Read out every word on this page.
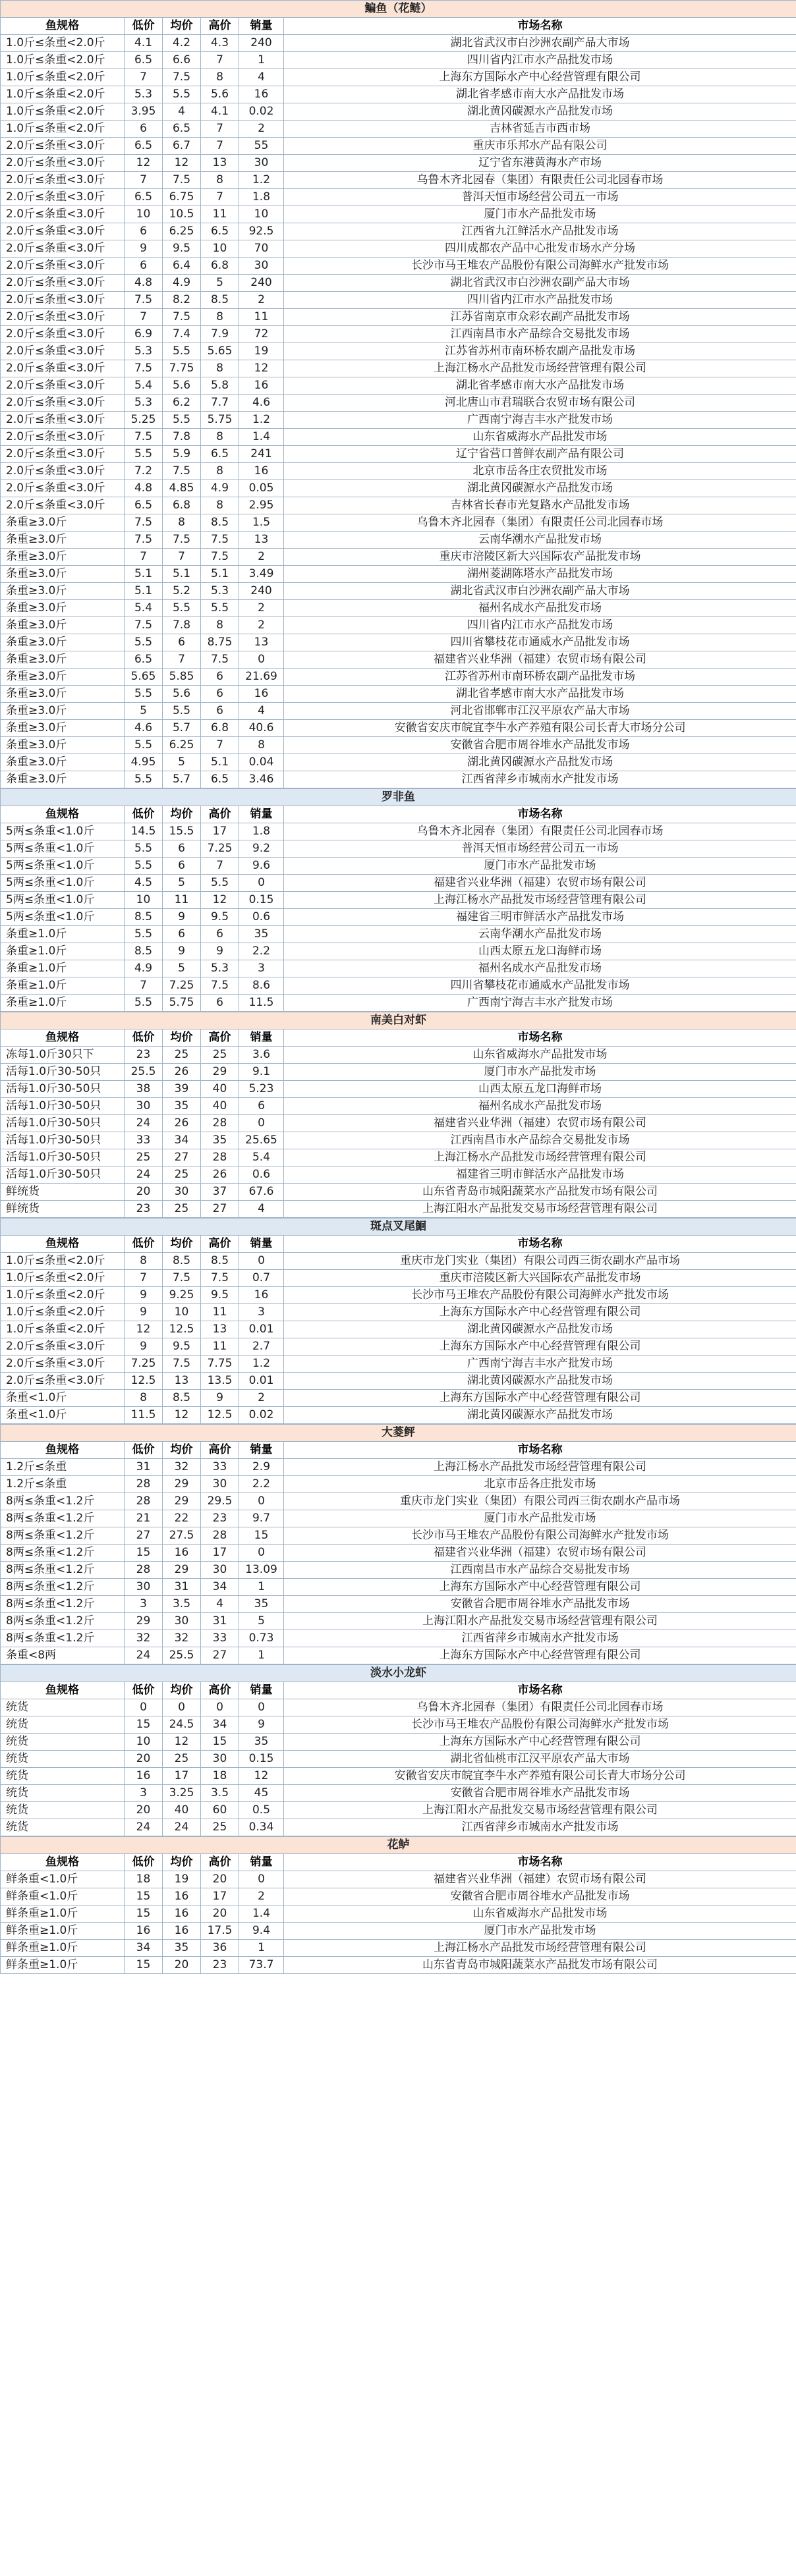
鳊鱼（花鲢）					
鱼规格	低价	均价	高价	销量	市场名称
1.0斤≤条重<2.0斤	4.1	4.2	4.3	240	湖北省武汉市白沙洲农副产品大市场
1.0斤≤条重<2.0斤	6.5	6.6	7	1	四川省内江市水产品批发市场
1.0斤≤条重<2.0斤	7	7.5	8	4	上海东方国际水产中心经营管理有限公司
1.0斤≤条重<2.0斤	5.3	5.5	5.6	16	湖北省孝感市南大水产品批发市场
1.0斤≤条重<2.0斤	3.95	4	4.1	0.02	湖北黄冈碳源水产品批发市场
1.0斤≤条重<2.0斤	6	6.5	7	2	吉林省延吉市西市场
2.0斤≤条重<3.0斤	6.5	6.7	7	55	重庆市乐邦水产品有限公司
2.0斤≤条重<3.0斤	12	12	13	30	辽宁省东港黄海水产市场
2.0斤≤条重<3.0斤	7	7.5	8	1.2	乌鲁木齐北园春（集团）有限责任公司北园春市场
2.0斤≤条重<3.0斤	6.5	6.75	7	1.8	普洱天恒市场经营公司五一市场
2.0斤≤条重<3.0斤	10	10.5	11	10	厦门市水产品批发市场
2.0斤≤条重<3.0斤	6	6.25	6.5	92.5	江西省九江鲜活水产品批发市场
2.0斤≤条重<3.0斤	9	9.5	10	70	四川成都农产品中心批发市场水产分场
2.0斤≤条重<3.0斤	6	6.4	6.8	30	长沙市马王堆农产品股份有限公司海鲜水产批发市场
2.0斤≤条重<3.0斤	4.8	4.9	5	240	湖北省武汉市白沙洲农副产品大市场
2.0斤≤条重<3.0斤	7.5	8.2	8.5	2	四川省内江市水产品批发市场
2.0斤≤条重<3.0斤	7	7.5	8	11	江苏省南京市众彩农副产品批发市场
2.0斤≤条重<3.0斤	6.9	7.4	7.9	72	江西南昌市水产品综合交易批发市场
2.0斤≤条重<3.0斤	5.3	5.5	5.65	19	江苏省苏州市南环桥农副产品批发市场
2.0斤≤条重<3.0斤	7.5	7.75	8	12	上海江杨水产品批发市场经营管理有限公司
2.0斤≤条重<3.0斤	5.4	5.6	5.8	16	湖北省孝感市南大水产品批发市场
2.0斤≤条重<3.0斤	5.3	6.2	7.7	4.6	河北唐山市君瑞联合农贸市场有限公司
2.0斤≤条重<3.0斤	5.25	5.5	5.75	1.2	广西南宁海吉丰水产批发市场
2.0斤≤条重<3.0斤	7.5	7.8	8	1.4	山东省威海水产品批发市场
2.0斤≤条重<3.0斤	5.5	5.9	6.5	241	辽宁省营口普鲜农副产品有限公司
2.0斤≤条重<3.0斤	7.2	7.5	8	16	北京市岳各庄农贸批发市场
2.0斤≤条重<3.0斤	4.8	4.85	4.9	0.05	湖北黄冈碳源水产品批发市场
2.0斤≤条重<3.0斤	6.5	6.8	8	2.95	吉林省长春市光复路水产品批发市场
条重≥3.0斤	7.5	8	8.5	1.5	乌鲁木齐北园春（集团）有限责任公司北园春市场
条重≥3.0斤	7.5	7.5	7.5	13	云南华潮水产品批发市场
条重≥3.0斤	7	7	7.5	2	重庆市涪陵区新大兴国际农产品批发市场
条重≥3.0斤	5.1	5.1	5.1	3.49	湖州菱湖陈塔水产品批发市场
条重≥3.0斤	5.1	5.2	5.3	240	湖北省武汉市白沙洲农副产品大市场
条重≥3.0斤	5.4	5.5	5.5	2	福州名成水产品批发市场
条重≥3.0斤	7.5	7.8	8	2	四川省内江市水产品批发市场
条重≥3.0斤	5.5	6	8.75	13	四川省攀枝花市通威水产品批发市场
条重≥3.0斤	6.5	7	7.5	0	福建省兴业华洲（福建）农贸市场有限公司
条重≥3.0斤	5.65	5.85	6	21.69	江苏省苏州市南环桥农副产品批发市场
条重≥3.0斤	5.5	5.6	6	16	湖北省孝感市南大水产品批发市场
条重≥3.0斤	5	5.5	6	4	河北省邯郸市江汉平原农产品大市场
条重≥3.0斤	4.6	5.7	6.8	40.6	安徽省安庆市皖宜李牛水产养殖有限公司长青大市场分公司
条重≥3.0斤	5.5	6.25	7	8	安徽省合肥市周谷堆水产品批发市场
条重≥3.0斤	4.95	5	5.1	0.04	湖北黄冈碳源水产品批发市场
条重≥3.0斤	5.5	5.7	6.5	3.46	江西省萍乡市城南水产批发市场
罗非鱼					
鱼规格	低价	均价	高价	销量	市场名称
5两≤条重<1.0斤	14.5	15.5	17	1.8	乌鲁木齐北园春（集团）有限责任公司北园春市场
5两≤条重<1.0斤	5.5	6	7.25	9.2	普洱天恒市场经营公司五一市场
5两≤条重<1.0斤	5.5	6	7	9.6	厦门市水产品批发市场
5两≤条重<1.0斤	4.5	5	5.5	0	福建省兴业华洲（福建）农贸市场有限公司
5两≤条重<1.0斤	10	11	12	0.15	上海江杨水产品批发市场经营管理有限公司
5两≤条重<1.0斤	8.5	9	9.5	0.6	福建省三明市鲜活水产品批发市场
条重≥1.0斤	5.5	6	6	35	云南华潮水产品批发市场
条重≥1.0斤	8.5	9	9	2.2	山西太原五龙口海鲜市场
条重≥1.0斤	4.9	5	5.3	3	福州名成水产品批发市场
条重≥1.0斤	7	7.25	7.5	8.6	四川省攀枝花市通威水产品批发市场
条重≥1.0斤	5.5	5.75	6	11.5	广西南宁海吉丰水产批发市场
南美白对虾					
鱼规格	低价	均价	高价	销量	市场名称
冻每1.0斤30只下	23	25	25	3.6	山东省威海水产品批发市场
活每1.0斤30-50只	25.5	26	29	9.1	厦门市水产品批发市场
活每1.0斤30-50只	38	39	40	5.23	山西太原五龙口海鲜市场
活每1.0斤30-50只	30	35	40	6	福州名成水产品批发市场
活每1.0斤30-50只	24	26	28	0	福建省兴业华洲（福建）农贸市场有限公司
活每1.0斤30-50只	33	34	35	25.65	江西南昌市水产品综合交易批发市场
活每1.0斤30-50只	25	27	28	5.4	上海江杨水产品批发市场经营管理有限公司
活每1.0斤30-50只	24	25	26	0.6	福建省三明市鲜活水产品批发市场
鲜统货	20	30	37	67.6	山东省青岛市城阳蔬菜水产品批发市场有限公司
鲜统货	23	25	27	4	上海江阳水产品批发交易市场经营管理有限公司
斑点叉尾鮰					
鱼规格	低价	均价	高价	销量	市场名称
1.0斤≤条重<2.0斤	8	8.5	8.5	0	重庆市龙门实业（集团）有限公司西三街农副水产品市场
1.0斤≤条重<2.0斤	7	7.5	7.5	0.7	重庆市涪陵区新大兴国际农产品批发市场
1.0斤≤条重<2.0斤	9	9.25	9.5	16	长沙市马王堆农产品股份有限公司海鲜水产批发市场
1.0斤≤条重<2.0斤	9	10	11	3	上海东方国际水产中心经营管理有限公司
1.0斤≤条重<2.0斤	12	12.5	13	0.01	湖北黄冈碳源水产品批发市场
2.0斤≤条重<3.0斤	9	9.5	11	2.7	上海东方国际水产中心经营管理有限公司
2.0斤≤条重<3.0斤	7.25	7.5	7.75	1.2	广西南宁海吉丰水产批发市场
2.0斤≤条重<3.0斤	12.5	13	13.5	0.01	湖北黄冈碳源水产品批发市场
条重<1.0斤	8	8.5	9	2	上海东方国际水产中心经营管理有限公司
条重<1.0斤	11.5	12	12.5	0.02	湖北黄冈碳源水产品批发市场
大菱鲆					
鱼规格	低价	均价	高价	销量	市场名称
1.2斤≤条重	31	32	33	2.9	上海江杨水产品批发市场经营管理有限公司
1.2斤≤条重	28	29	30	2.2	北京市岳各庄批发市场
8两≤条重<1.2斤	28	29	29.5	0	重庆市龙门实业（集团）有限公司西三街农副水产品市场
8两≤条重<1.2斤	21	22	23	9.7	厦门市水产品批发市场
8两≤条重<1.2斤	27	27.5	28	15	长沙市马王堆农产品股份有限公司海鲜水产批发市场
8两≤条重<1.2斤	15	16	17	0	福建省兴业华洲（福建）农贸市场有限公司
8两≤条重<1.2斤	28	29	30	13.09	江西南昌市水产品综合交易批发市场
8两≤条重<1.2斤	30	31	34	1	上海东方国际水产中心经营管理有限公司
8两≤条重<1.2斤	3	3.5	4	35	安徽省合肥市周谷堆水产品批发市场
8两≤条重<1.2斤	29	30	31	5	上海江阳水产品批发交易市场经营管理有限公司
8两≤条重<1.2斤	32	32	33	0.73	江西省萍乡市城南水产批发市场
条重<8两	24	25.5	27	1	上海东方国际水产中心经营管理有限公司
淡水小龙虾					
鱼规格	低价	均价	高价	销量	市场名称
统货	0	0	0	0	乌鲁木齐北园春（集团）有限责任公司北园春市场
统货	15	24.5	34	9	长沙市马王堆农产品股份有限公司海鲜水产批发市场
统货	10	12	15	35	上海东方国际水产中心经营管理有限公司
统货	20	25	30	0.15	湖北省仙桃市江汉平原农产品大市场
统货	16	17	18	12	安徽省安庆市皖宜李牛水产养殖有限公司长青大市场分公司
统货	3	3.25	3.5	45	安徽省合肥市周谷堆水产品批发市场
统货	20	40	60	0.5	上海江阳水产品批发交易市场经营管理有限公司
统货	24	24	25	0.34	江西省萍乡市城南水产批发市场
花鲈					
鱼规格	低价	均价	高价	销量	市场名称
鲜条重<1.0斤	18	19	20	0	福建省兴业华洲（福建）农贸市场有限公司
鲜条重<1.0斤	15	16	17	2	安徽省合肥市周谷堆水产品批发市场
鲜条重≥1.0斤	15	16	20	1.4	山东省威海水产品批发市场
鲜条重≥1.0斤	16	16	17.5	9.4	厦门市水产品批发市场
鲜条重≥1.0斤	34	35	36	1	上海江杨水产品批发市场经营管理有限公司
鲜条重≥1.0斤	15	20	23	73.7	山东省青岛市城阳蔬菜水产品批发市场有限公司
